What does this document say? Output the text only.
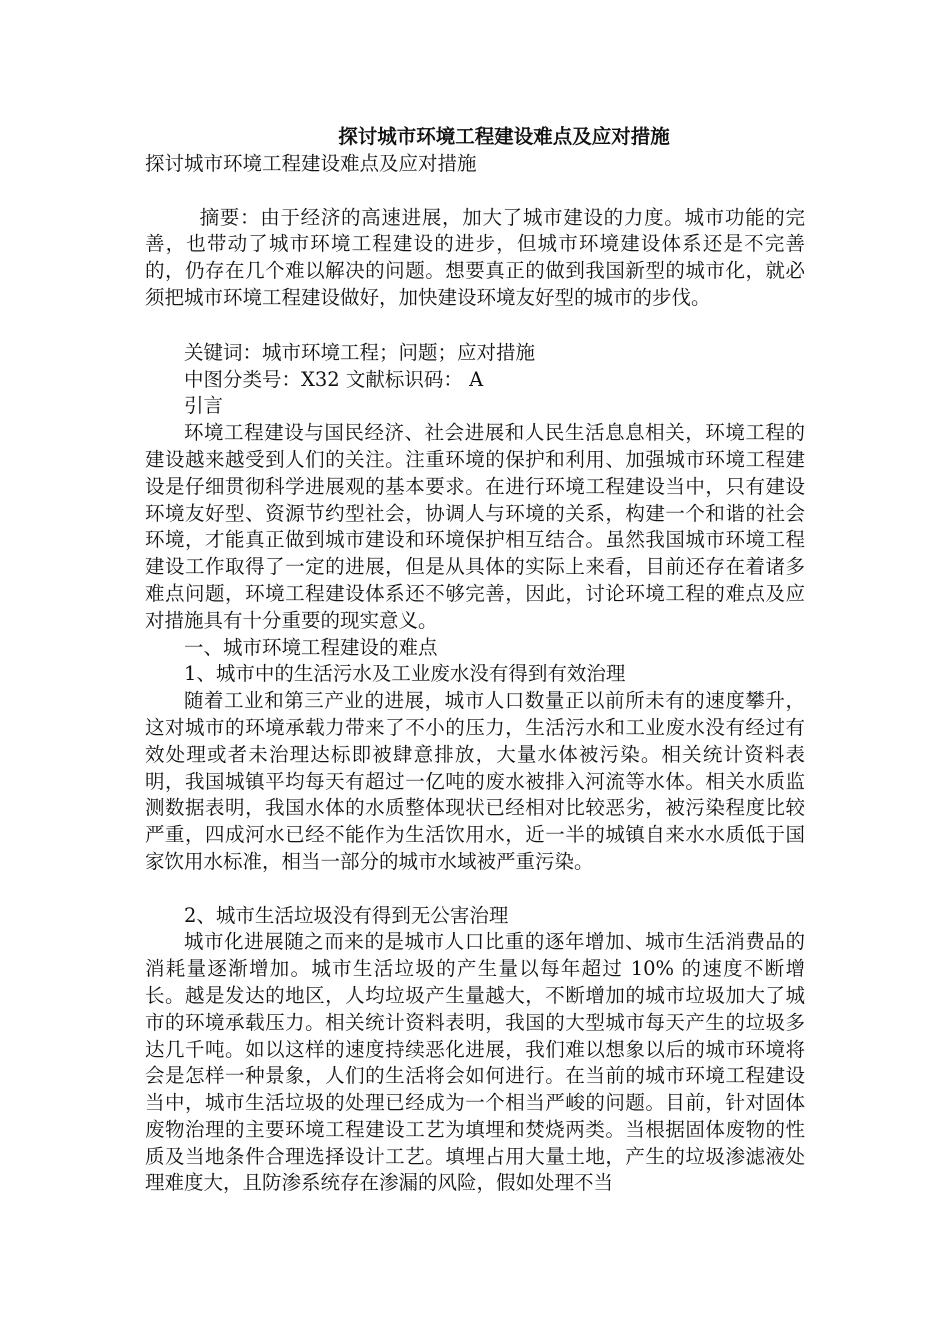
探讨城市环境工程建设难点及应对措施

探讨城市环境工程建设难点及应对措施

摘要：由于经济的高速进展，加大了城市建设的力度。城市功能的完善，也带动了城市环境工程建设的进步，但城市环境建设体系还是不完善的，仍存在几个难以解决的问题。想要真正的做到我国新型的城市化，就必须把城市环境工程建设做好，加快建设环境友好型的城市的步伐。

关键词：城市环境工程；问题；应对措施

中图分类号：X32 文献标识码： A

引言

环境工程建设与国民经济、社会进展和人民生活息息相关，环境工程的建设越来越受到人们的关注。注重环境的保护和利用、加强城市环境工程建设是仔细贯彻科学进展观的基本要求。在进行环境工程建设当中，只有建设环境友好型、资源节约型社会，协调人与环境的关系，构建一个和谐的社会环境，才能真正做到城市建设和环境保护相互结合。虽然我国城市环境工程建设工作取得了一定的进展，但是从具体的实际上来看，目前还存在着诸多难点问题，环境工程建设体系还不够完善，因此，讨论环境工程的难点及应对措施具有十分重要的现实意义。

一、城市环境工程建设的难点

1、城市中的生活污水及工业废水没有得到有效治理

随着工业和第三产业的进展，城市人口数量正以前所未有的速度攀升，这对城市的环境承载力带来了不小的压力，生活污水和工业废水没有经过有效处理或者未治理达标即被肆意排放，大量水体被污染。相关统计资料表明，我国城镇平均每天有超过一亿吨的废水被排入河流等水体。相关水质监测数据表明，我国水体的水质整体现状已经相对比较恶劣，被污染程度比较严重，四成河水已经不能作为生活饮用水，近一半的城镇自来水水质低于国家饮用水标准，相当一部分的城市水域被严重污染。

2、城市生活垃圾没有得到无公害治理

城市化进展随之而来的是城市人口比重的逐年增加、城市生活消费品的消耗量逐渐增加。城市生活垃圾的产生量以每年超过 10% 的速度不断增长。越是发达的地区，人均垃圾产生量越大，不断增加的城市垃圾加大了城市的环境承载压力。相关统计资料表明，我国的大型城市每天产生的垃圾多达几千吨。如以这样的速度持续恶化进展，我们难以想象以后的城市环境将会是怎样一种景象，人们的生活将会如何进行。在当前的城市环境工程建设当中，城市生活垃圾的处理已经成为一个相当严峻的问题。目前，针对固体废物治理的主要环境工程建设工艺为填埋和焚烧两类。当根据固体废物的性质及当地条件合理选择设计工艺。填埋占用大量土地，产生的垃圾渗滤液处理难度大，且防渗系统存在渗漏的风险，假如处理不当
